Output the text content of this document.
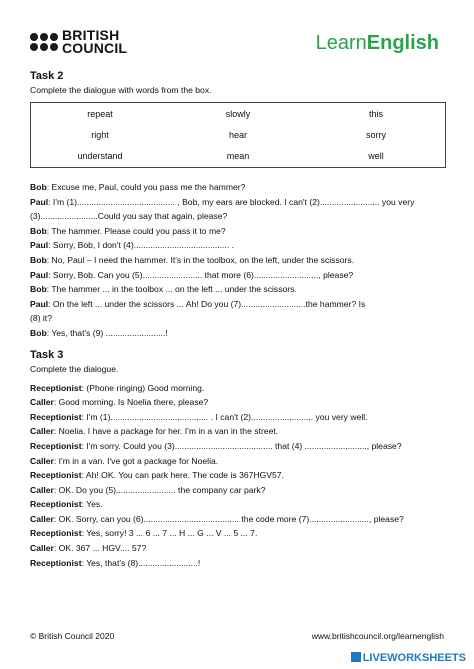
BRITISH
COUNCIL	LearnEnglish
Task 2
Complete the dialogue with words from the box.
repeat	slowly	this
right	hear	sorry
understand	mean	well
Bob: Excuse me, Paul, could you pass me the hammer?
Paul: I'm (1)......................................... , Bob, my ears are blocked. I can't (2)......................... you very
(3)........................Could you say that again, please?
Bob: The hammer. Please could you pass it to me?
Paul: Sorry, Bob, I don't (4)........................................ .
Bob: No, Paul – I need the hammer. It's in the toolbox, on the left, under the scissors.
Paul: Sorry, Bob. Can you (5)......................... that more (6)..........................., please?
Bob: The hammer ... in the toolbox ... on the left ... under the scissors.
Paul: On the left ... under the scissors ... Ah! Do you (7)...........................the hammer? Is
(8) it?
Bob: Yes, that's (9) .........................!
Task 3
Complete the dialogue.
Receptionist: (Phone ringing) Good morning.
Caller: Good morning. Is Noelia there, please?
Receptionist: I'm (1)......................................... . I can't (2).......................... you very well.
Caller: Noelia. I have a package for her. I'm in a van in the street.
Receptionist: I'm sorry. Could you (3)......................................... that (4) .........................., please?
Caller: I'm in a van. I've got a package for Noelia.
Receptionist: Ah! OK. You can park here. The code is 367HGV57.
Caller: OK. Do you (5)......................... the company car park?
Receptionist: Yes.
Caller: OK. Sorry, can you (6)........................................ the code more (7)........................., please?
Receptionist: Yes, sorry! 3 ... 6 ... 7 ... H ... G ... V ... 5 ... 7.
Caller: OK. 367 ... HGV.... 57?
Receptionist: Yes, that's (8).........................!
© British Council 2020	www.britishcouncil.org/learnenglish
LIVEWORKSHEETS
